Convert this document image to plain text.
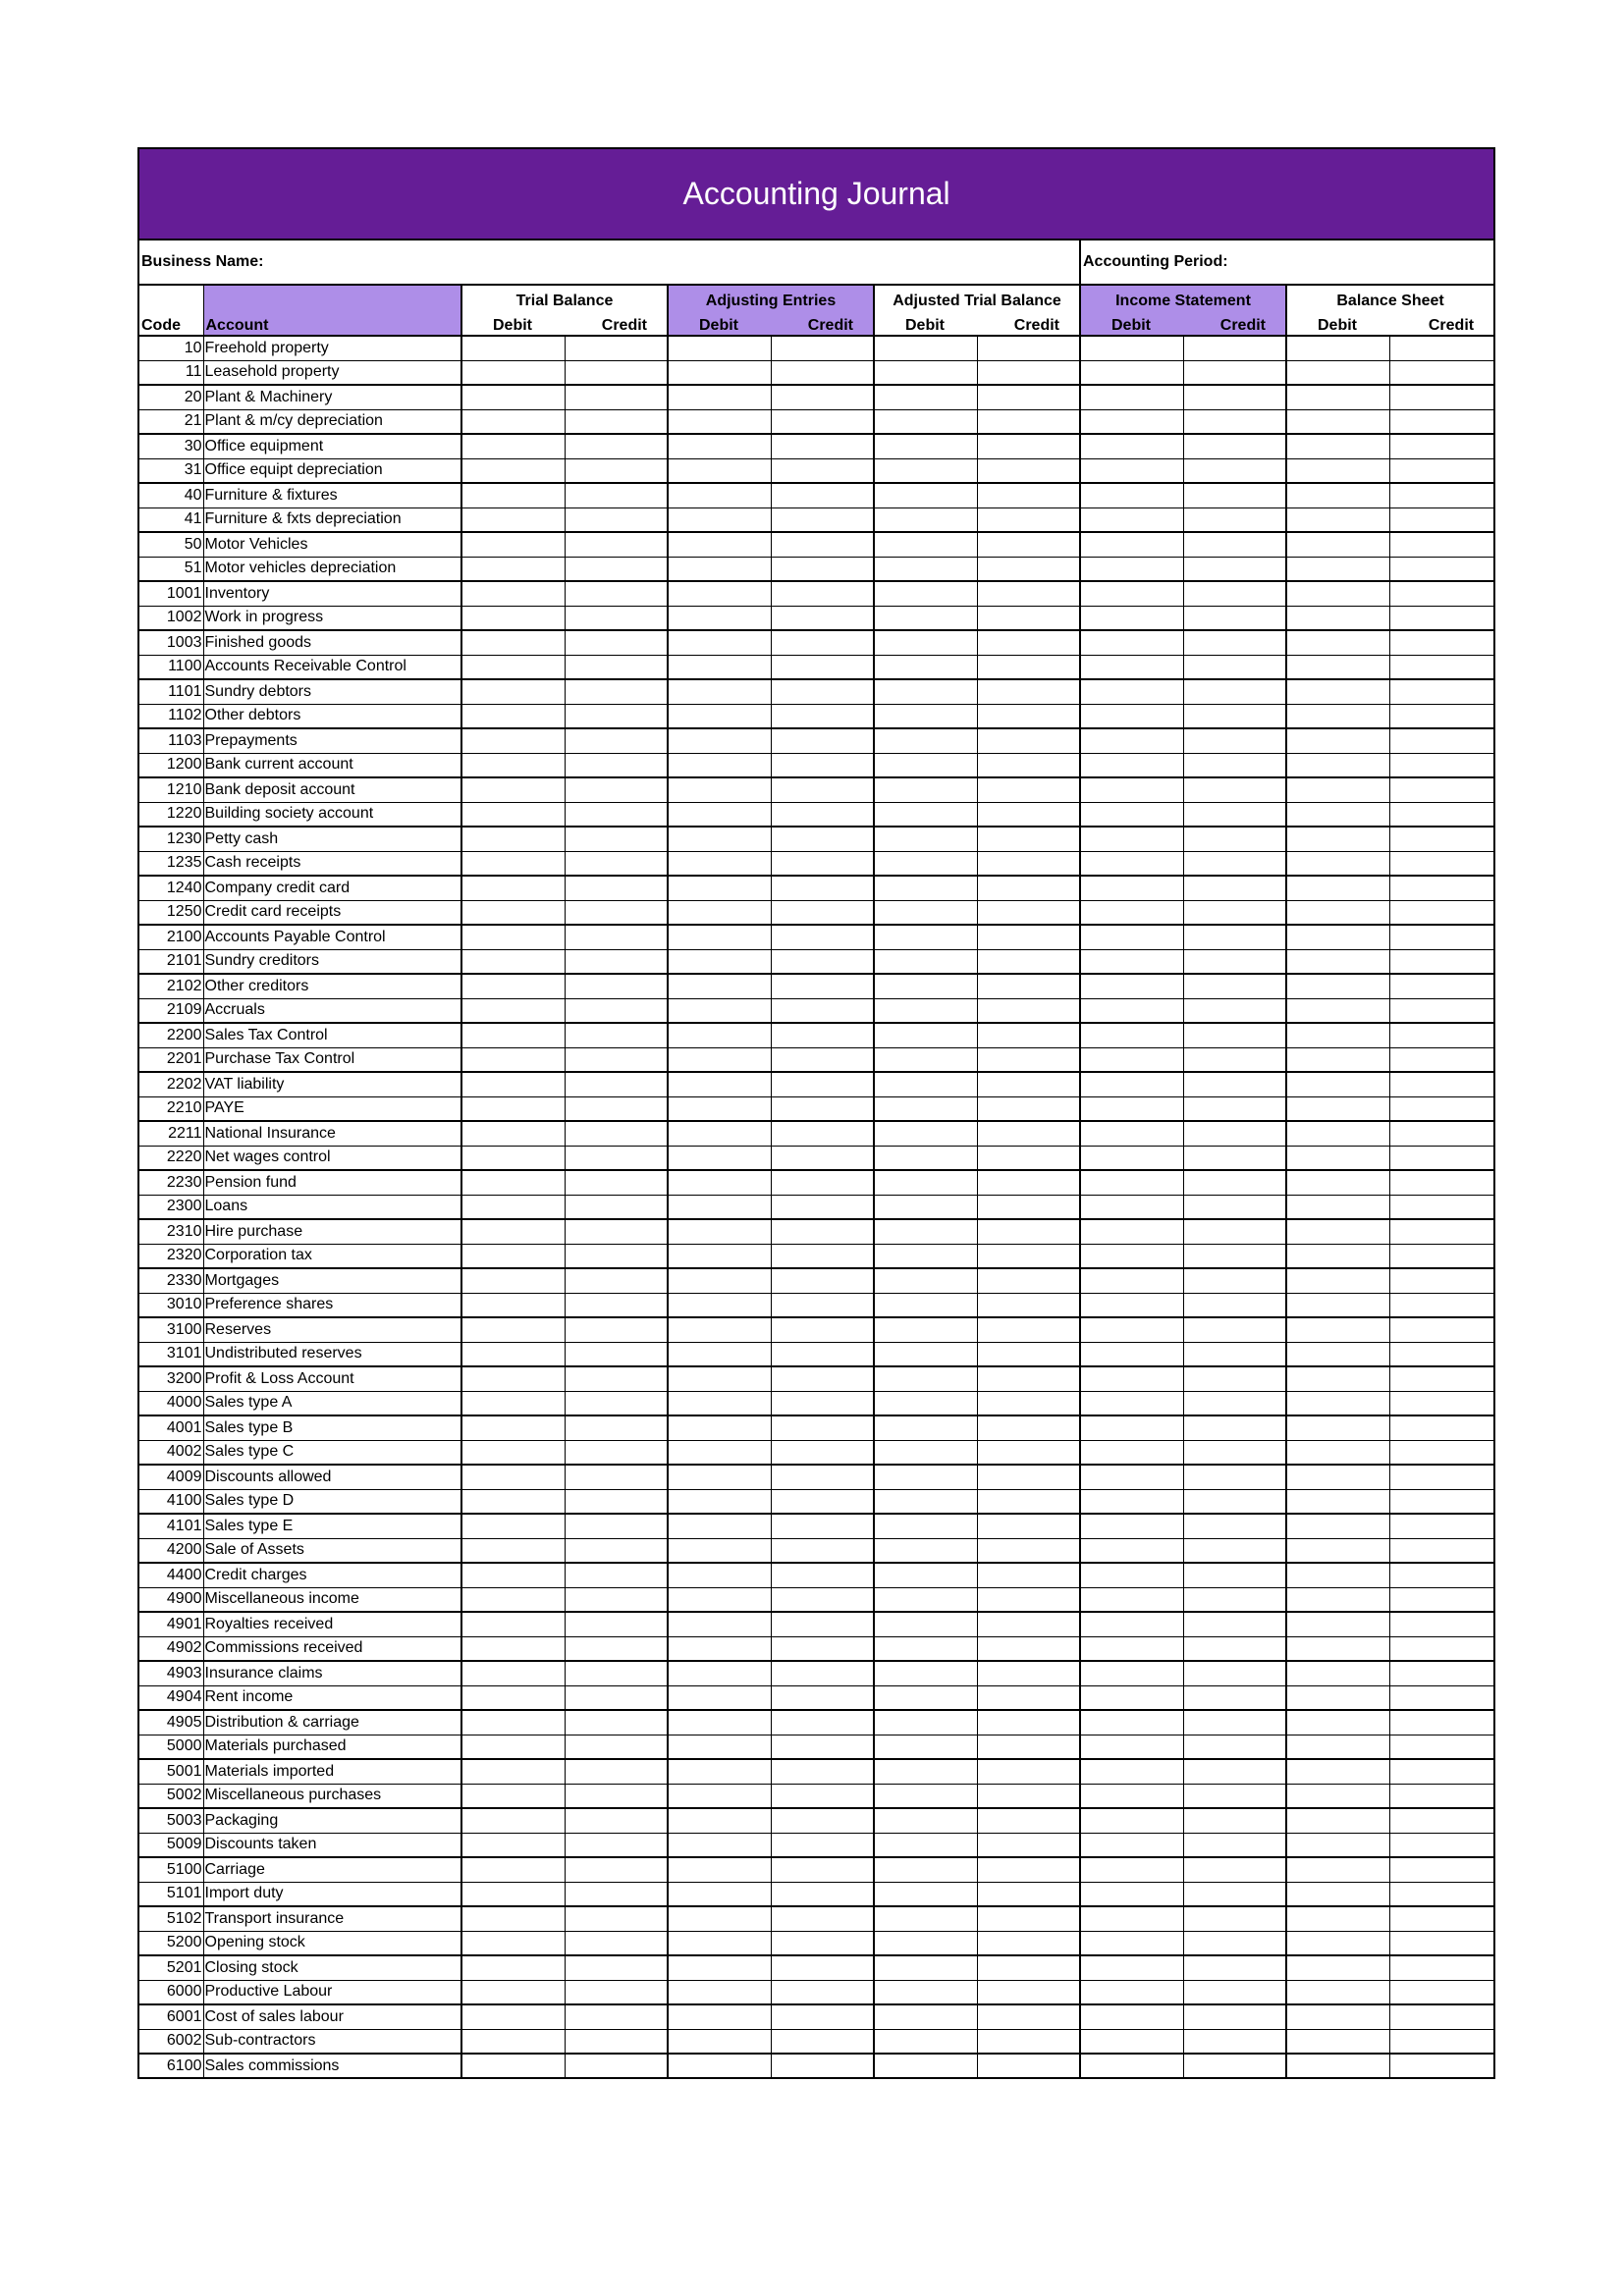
Accounting Journal											
Business Name:								Accounting Period:			
		Trial Balance		Adjusting Entries		Adjusted Trial Balance		Income Statement		Balance Sheet	
Code	Account	Debit	Credit	Debit	Credit	Debit	Credit	Debit	Credit	Debit	Credit
10	Freehold property										
11	Leasehold property										
20	Plant & Machinery										
21	Plant & m/cy depreciation										
30	Office equipment										
31	Office equipt depreciation										
40	Furniture & fixtures										
41	Furniture & fxts depreciation										
50	Motor Vehicles										
51	Motor vehicles depreciation										
1001	Inventory										
1002	Work in progress										
1003	Finished goods										
1100	Accounts Receivable Control										
1101	Sundry debtors										
1102	Other debtors										
1103	Prepayments										
1200	Bank current account										
1210	Bank deposit account										
1220	Building society account										
1230	Petty cash										
1235	Cash receipts										
1240	Company credit card										
1250	Credit card receipts										
2100	Accounts Payable Control										
2101	Sundry creditors										
2102	Other creditors										
2109	Accruals										
2200	Sales Tax Control										
2201	Purchase Tax Control										
2202	VAT liability										
2210	PAYE										
2211	National Insurance										
2220	Net wages control										
2230	Pension fund										
2300	Loans										
2310	Hire purchase										
2320	Corporation tax										
2330	Mortgages										
3010	Preference shares										
3100	Reserves										
3101	Undistributed reserves										
3200	Profit & Loss Account										
4000	Sales type A										
4001	Sales type B										
4002	Sales type C										
4009	Discounts allowed										
4100	Sales type D										
4101	Sales type E										
4200	Sale of Assets										
4400	Credit charges										
4900	Miscellaneous income										
4901	Royalties received										
4902	Commissions received										
4903	Insurance claims										
4904	Rent income										
4905	Distribution & carriage										
5000	Materials purchased										
5001	Materials imported										
5002	Miscellaneous purchases										
5003	Packaging										
5009	Discounts taken										
5100	Carriage										
5101	Import duty										
5102	Transport insurance										
5200	Opening stock										
5201	Closing stock										
6000	Productive Labour										
6001	Cost of sales labour										
6002	Sub-contractors										
6100	Sales commissions										
